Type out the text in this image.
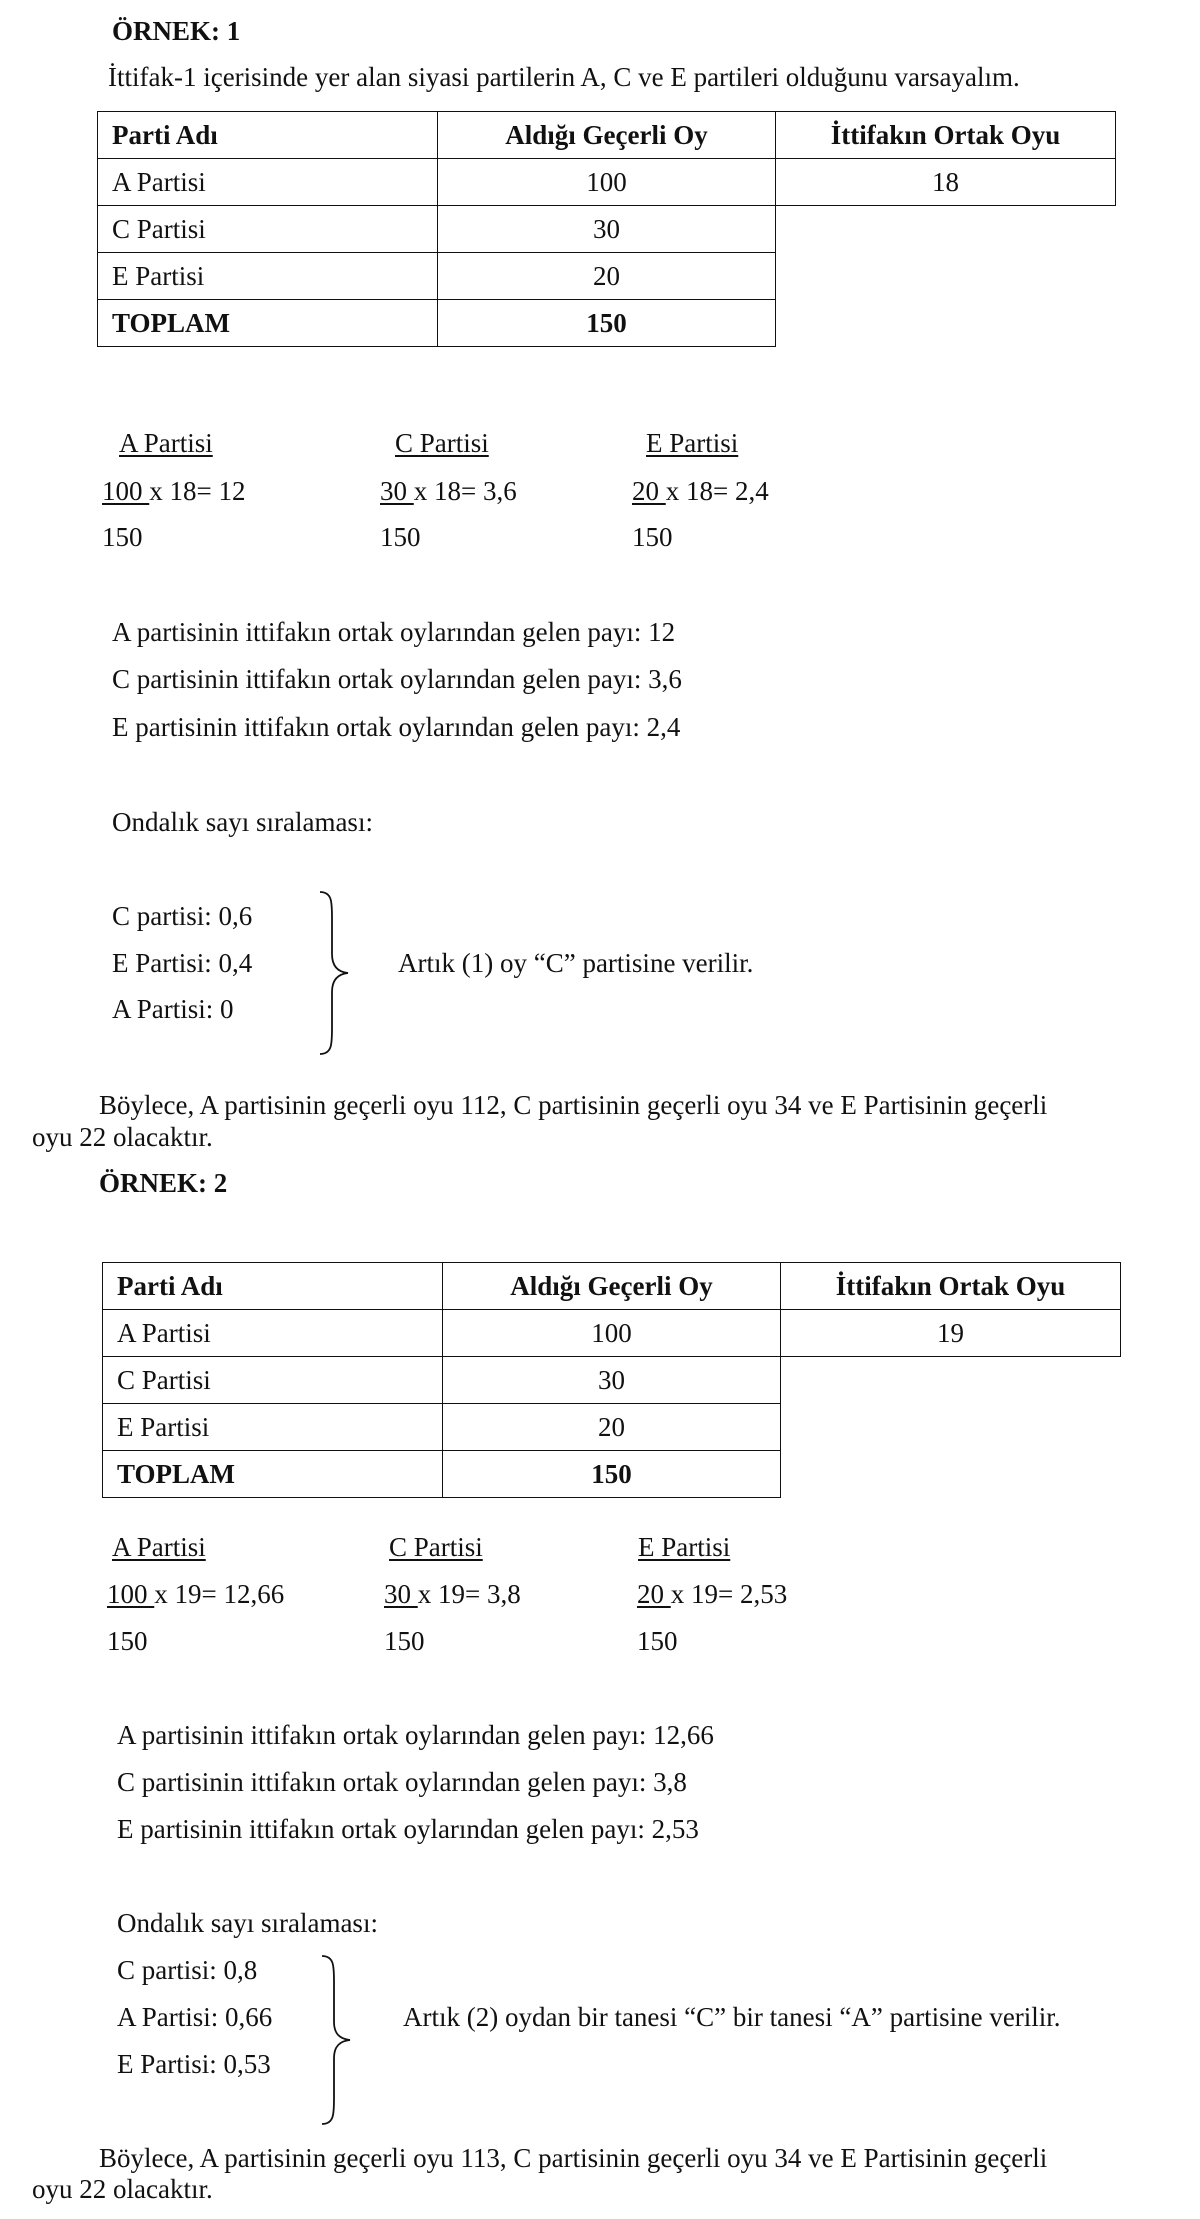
ÖRNEK: 1
İttifak-1 içerisinde yer alan siyasi partilerin A, C ve E partileri olduğunu varsayalım.
Parti Adı	Aldığı Geçerli Oy	İttifakın Ortak Oyu
A Partisi	100	18
C Partisi	30	
E Partisi	20	
TOPLAM	150	
A Partisi
100 x 18= 12
150
C Partisi
30 x 18= 3,6
150
E Partisi
20 x 18= 2,4
150
A partisinin ittifakın ortak oylarından gelen payı: 12
C partisinin ittifakın ortak oylarından gelen payı: 3,6
E partisinin ittifakın ortak oylarından gelen payı: 2,4
Ondalık sayı sıralaması:
C partisi: 0,6
E Partisi: 0,4
A Partisi: 0
Artık (1) oy “C” partisine verilir.
Böylece, A partisinin geçerli oyu 112, C partisinin geçerli oyu 34 ve E Partisinin geçerli
oyu 22 olacaktır.
ÖRNEK: 2
Parti Adı	Aldığı Geçerli Oy	İttifakın Ortak Oyu
A Partisi	100	19
C Partisi	30	
E Partisi	20	
TOPLAM	150	
A Partisi
100 x 19= 12,66
150
C Partisi
30 x 19= 3,8
150
E Partisi
20 x 19= 2,53
150
A partisinin ittifakın ortak oylarından gelen payı: 12,66
C partisinin ittifakın ortak oylarından gelen payı: 3,8
E partisinin ittifakın ortak oylarından gelen payı: 2,53
Ondalık sayı sıralaması:
C partisi: 0,8
A Partisi: 0,66
E Partisi: 0,53
Artık (2) oydan bir tanesi “C” bir tanesi “A” partisine verilir.
Böylece, A partisinin geçerli oyu 113, C partisinin geçerli oyu 34 ve E Partisinin geçerli
oyu 22 olacaktır.
